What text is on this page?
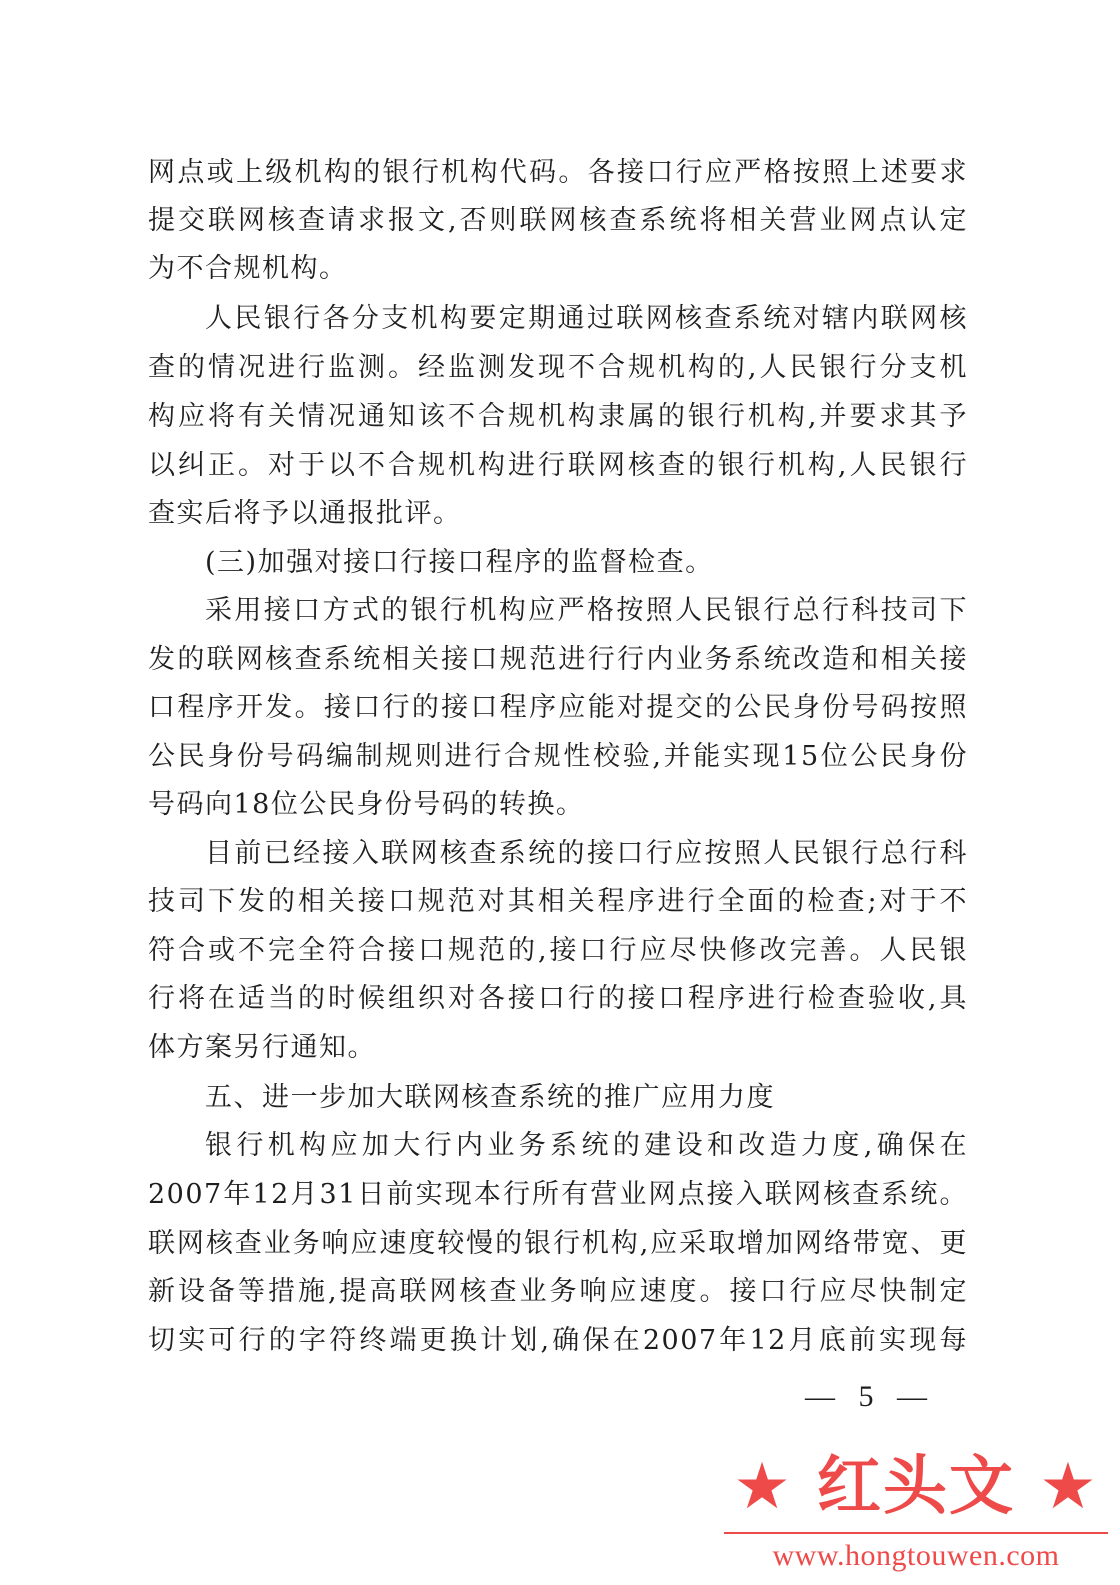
网点或上级机构的银行机构代码。各接口行应严格按照上述要求
提交联网核查请求报文,否则联网核查系统将相关营业网点认定
为不合规机构。
人民银行各分支机构要定期通过联网核查系统对辖内联网核
查的情况进行监测。经监测发现不合规机构的,人民银行分支机
构应将有关情况通知该不合规机构隶属的银行机构,并要求其予
以纠正。对于以不合规机构进行联网核查的银行机构,人民银行
查实后将予以通报批评。
(三)加强对接口行接口程序的监督检查。
采用接口方式的银行机构应严格按照人民银行总行科技司下
发的联网核查系统相关接口规范进行行内业务系统改造和相关接
口程序开发。接口行的接口程序应能对提交的公民身份号码按照
公民身份号码编制规则进行合规性校验,并能实现15位公民身份
号码向18位公民身份号码的转换。
目前已经接入联网核查系统的接口行应按照人民银行总行科
技司下发的相关接口规范对其相关程序进行全面的检查;对于不
符合或不完全符合接口规范的,接口行应尽快修改完善。人民银
行将在适当的时候组织对各接口行的接口程序进行检查验收,具
体方案另行通知。
五、进一步加大联网核查系统的推广应用力度
银行机构应加大行内业务系统的建设和改造力度,确保在
2007年12月31日前实现本行所有营业网点接入联网核查系统。
联网核查业务响应速度较慢的银行机构,应采取增加网络带宽、更
新设备等措施,提高联网核查业务响应速度。接口行应尽快制定
切实可行的字符终端更换计划,确保在2007年12月底前实现每
— 5 —
★ 红头文 ★
www.hongtouwen.com
